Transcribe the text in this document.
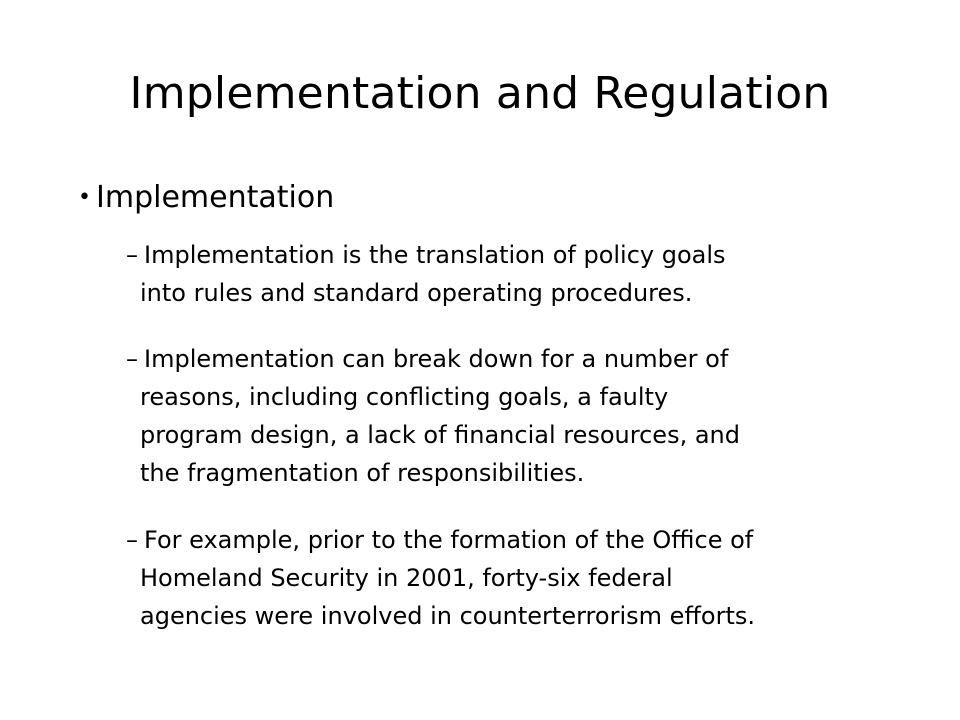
Implementation and Regulation
• Implementation
– Implementation is the translation of policy goals
into rules and standard operating procedures.
– Implementation can break down for a number of
reasons, including conflicting goals, a faulty
program design, a lack of financial resources, and
the fragmentation of responsibilities.
– For example, prior to the formation of the Office of
Homeland Security in 2001, forty-six federal
agencies were involved in counterterrorism efforts.
